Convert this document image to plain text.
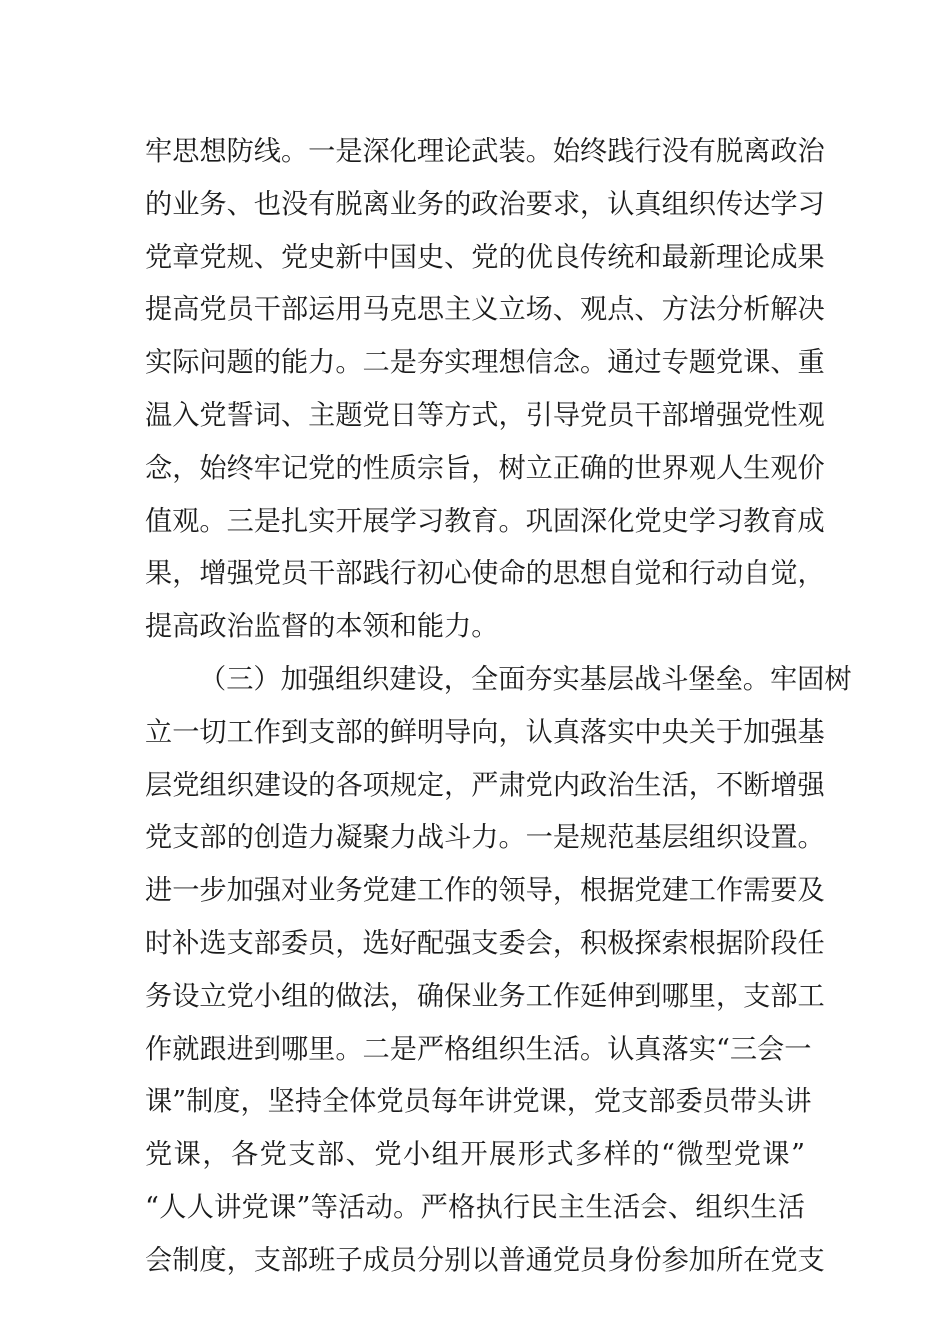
牢思想防线。一是深化理论武装。始终践行没有脱离政治
的业务、也没有脱离业务的政治要求，认真组织传达学习
党章党规、党史新中国史、党的优良传统和最新理论成果
提高党员干部运用马克思主义立场、观点、方法分析解决
实际问题的能力。二是夯实理想信念。通过专题党课、重
温入党誓词、主题党日等方式，引导党员干部增强党性观
念，始终牢记党的性质宗旨，树立正确的世界观人生观价
值观。三是扎实开展学习教育。巩固深化党史学习教育成
果，增强党员干部践行初心使命的思想自觉和行动自觉，
提高政治监督的本领和能力。
（三）加强组织建设，全面夯实基层战斗堡垒。牢固树
立一切工作到支部的鲜明导向，认真落实中央关于加强基
层党组织建设的各项规定，严肃党内政治生活，不断增强
党支部的创造力凝聚力战斗力。一是规范基层组织设置。
进一步加强对业务党建工作的领导，根据党建工作需要及
时补选支部委员，选好配强支委会，积极探索根据阶段任
务设立党小组的做法，确保业务工作延伸到哪里，支部工
作就跟进到哪里。二是严格组织生活。认真落实“三会一
课”制度，坚持全体党员每年讲党课，党支部委员带头讲
党课，各党支部、党小组开展形式多样的“微型党课”
“人人讲党课”等活动。严格执行民主生活会、组织生活
会制度，支部班子成员分别以普通党员身份参加所在党支
